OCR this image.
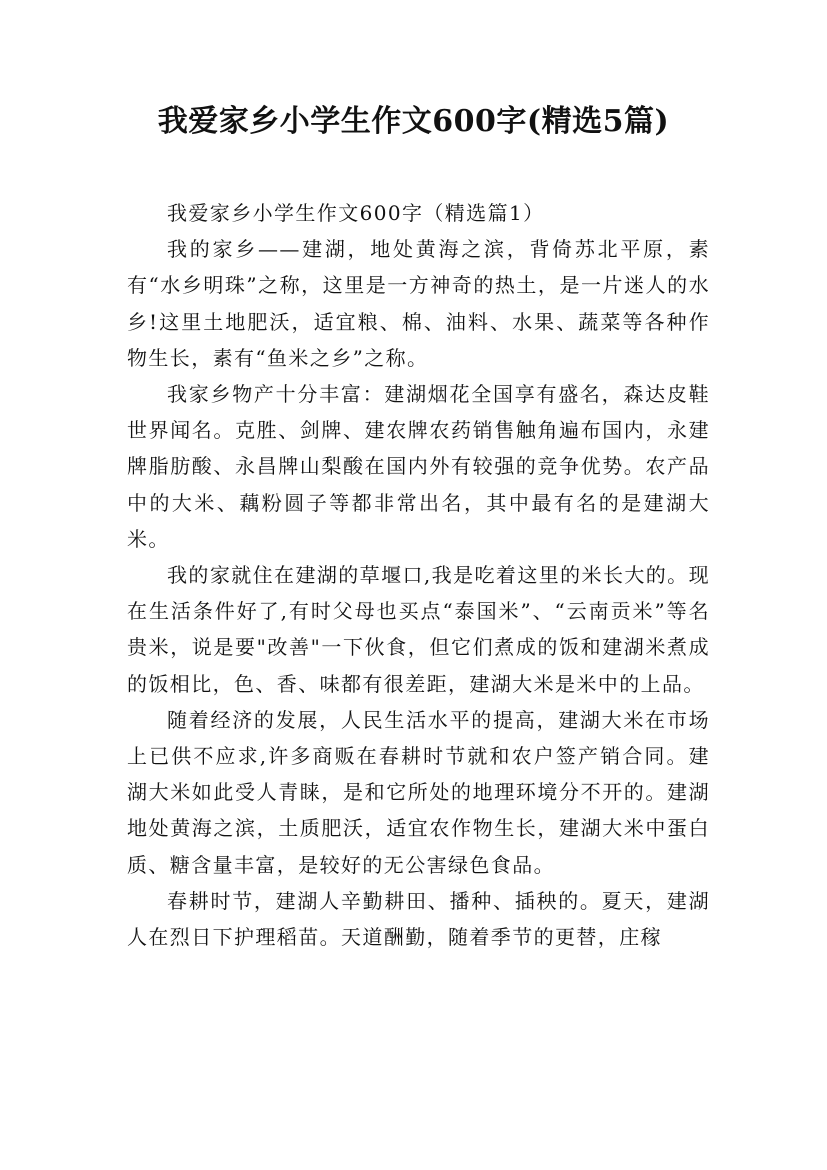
我爱家乡小学生作文600字(精选5篇)

我爱家乡小学生作文600字（精选篇1）

我的家乡——建湖，地处黄海之滨，背倚苏北平原，素有“水乡明珠”之称，这里是一方神奇的热土，是一片迷人的水乡!这里土地肥沃，适宜粮、棉、油料、水果、蔬菜等各种作物生长，素有“鱼米之乡”之称。

我家乡物产十分丰富：建湖烟花全国享有盛名，森达皮鞋世界闻名。克胜、剑牌、建农牌农药销售触角遍布国内，永建牌脂肪酸、永昌牌山梨酸在国内外有较强的竞争优势。农产品中的大米、藕粉圆子等都非常出名，其中最有名的是建湖大米。

我的家就住在建湖的草堰口,我是吃着这里的米长大的。现在生活条件好了,有时父母也买点“泰国米”、“云南贡米”等名贵米，说是要"改善"一下伙食，但它们煮成的饭和建湖米煮成的饭相比，色、香、味都有很差距，建湖大米是米中的上品。

随着经济的发展，人民生活水平的提高，建湖大米在市场上已供不应求,许多商贩在春耕时节就和农户签产销合同。建湖大米如此受人青睐，是和它所处的地理环境分不开的。建湖地处黄海之滨，土质肥沃，适宜农作物生长，建湖大米中蛋白质、糖含量丰富，是较好的无公害绿色食品。

春耕时节，建湖人辛勤耕田、播种、插秧的。夏天，建湖人在烈日下护理稻苗。天道酬勤，随着季节的更替，庄稼
